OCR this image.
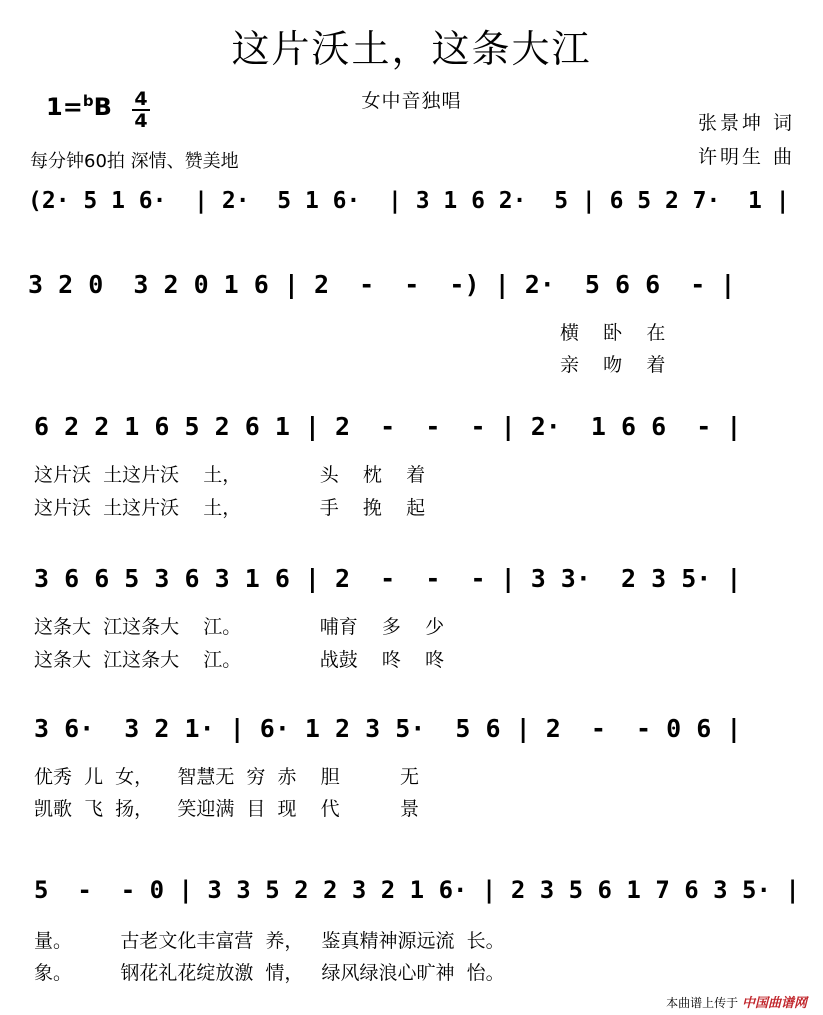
这片沃土，这条大江
女中音独唱
1=$^b$B 4
4
每分钟60拍 深情、赞美地
张景坤 词
许明生 曲
(2· 5 1 6·  | 2·  5 1 6·  | 3 1 6 2·  5 | 6 5 2 7·  1 |
3 2 0  3 2 0 1 6 | 2  -  -  -) | 2·  5 6 6  - |
横    卧    在
亲    吻    着
6 2 2 1 6 5 2 6 1 | 2  -  -  - | 2·  1 6 6  - |
这片沃  土这片沃    土，             头    枕    着
这片沃  土这片沃    土，             手    挽    起
3 6 6 5 3 6 3 1 6 | 2  -  -  - | 3 3·  2 3 5· |
这条大  江这条大    江。             哺育    多    少
这条大  江这条大    江。             战鼓    咚    咚
3 6·  3 2 1· | 6· 1 2 3 5·  5 6 | 2  -  - 0 6 |
优秀  儿  女，    智慧无  穷  赤    胆          无
凯歌  飞  扬，    笑迎满  目  现    代          景
5  -  - 0 | 3 3 5 2 2 3 2 1 6· | 2 3 5 6 1 7 6 3 5· |
量。        古老文化丰富营  养，   鉴真精神源远流  长。
象。        钢花礼花绽放激  情，   绿风绿浪心旷神  怡。
本曲谱上传于 中国曲谱网
